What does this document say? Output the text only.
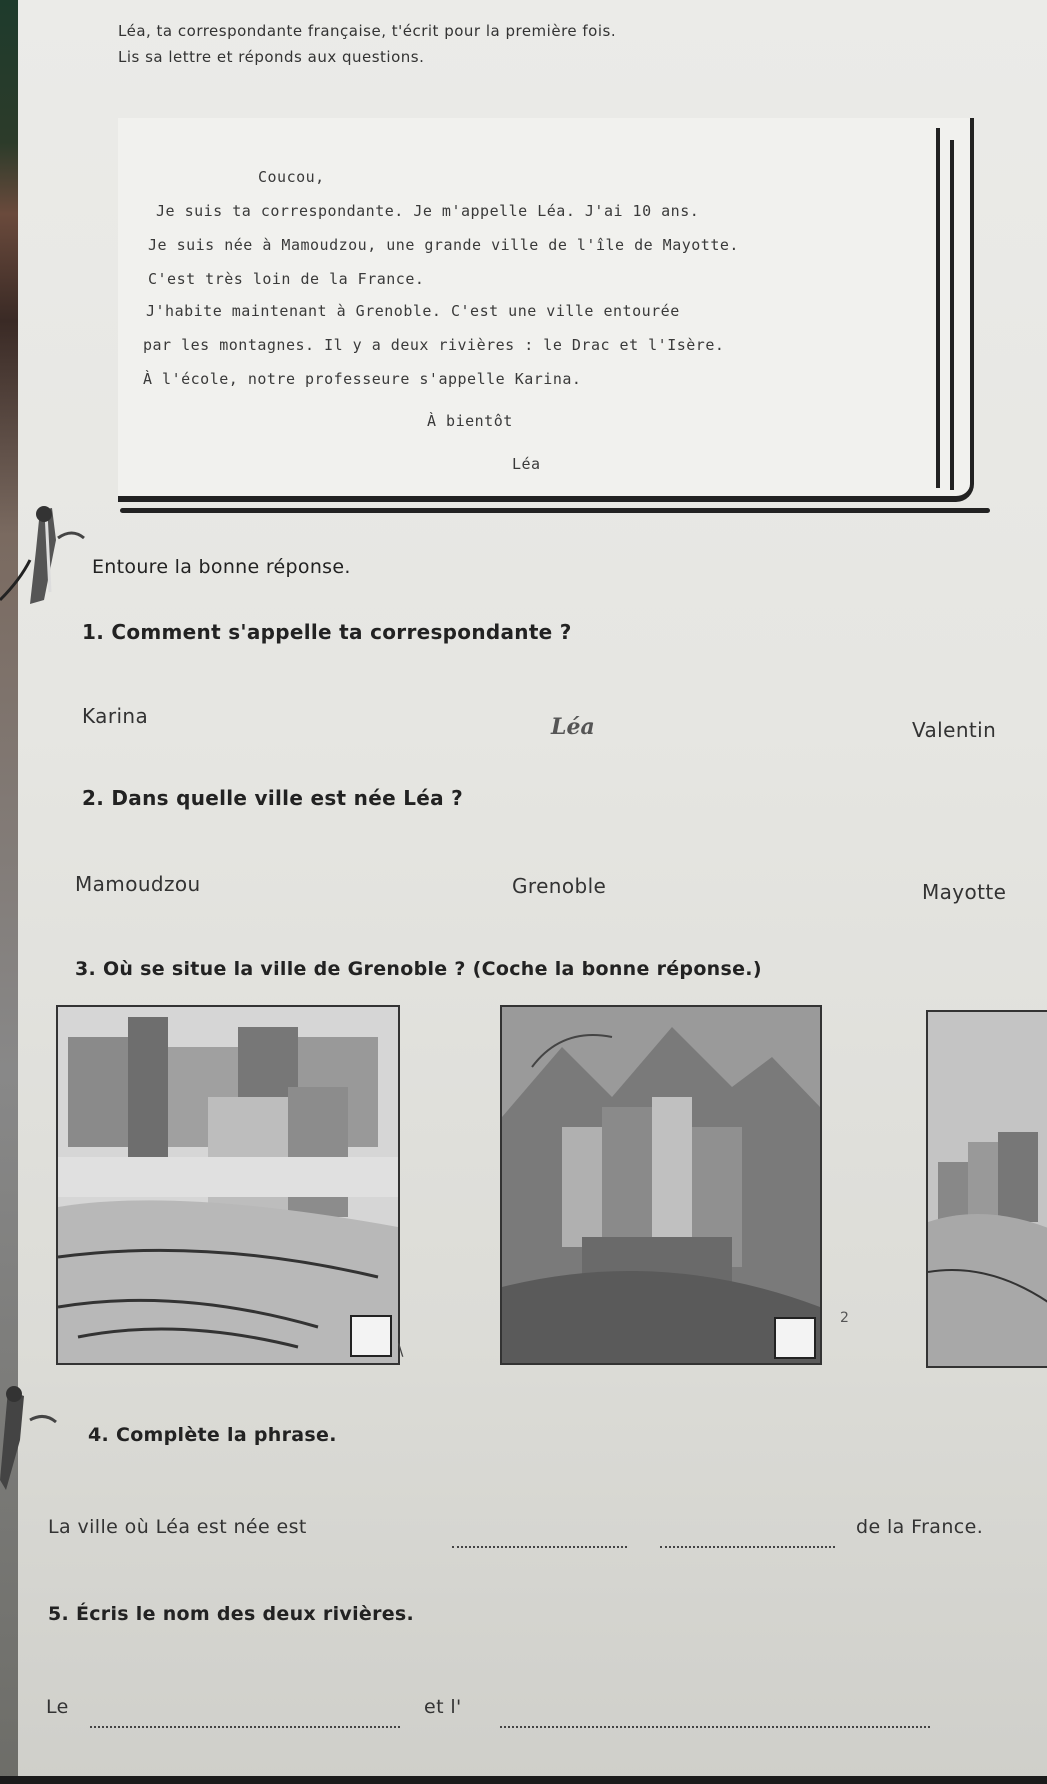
Léa, ta correspondante française, t'écrit pour la première fois.
Lis sa lettre et réponds aux questions.
Coucou,
Je suis ta correspondante. Je m'appelle Léa. J'ai 10 ans.
Je suis née à Mamoudzou, une grande ville de l'île de Mayotte.
C'est très loin de la France.
J'habite maintenant à Grenoble. C'est une ville entourée
par les montagnes. Il y a deux rivières : le Drac et l'Isère.
À l'école, notre professeure s'appelle Karina.
À bientôt
Léa
Entoure la bonne réponse.
1. Comment s'appelle ta correspondante ?
Karina	Léa	Valentin
2. Dans quelle ville est née Léa ?
Mamoudzou	Grenoble	Mayotte
3. Où se situe la ville de Grenoble ? (Coche la bonne réponse.)
\
2
4. Complète la phrase.
La ville où Léa est née est	de la France.
5. Écris le nom des deux rivières.
Le	et l'
